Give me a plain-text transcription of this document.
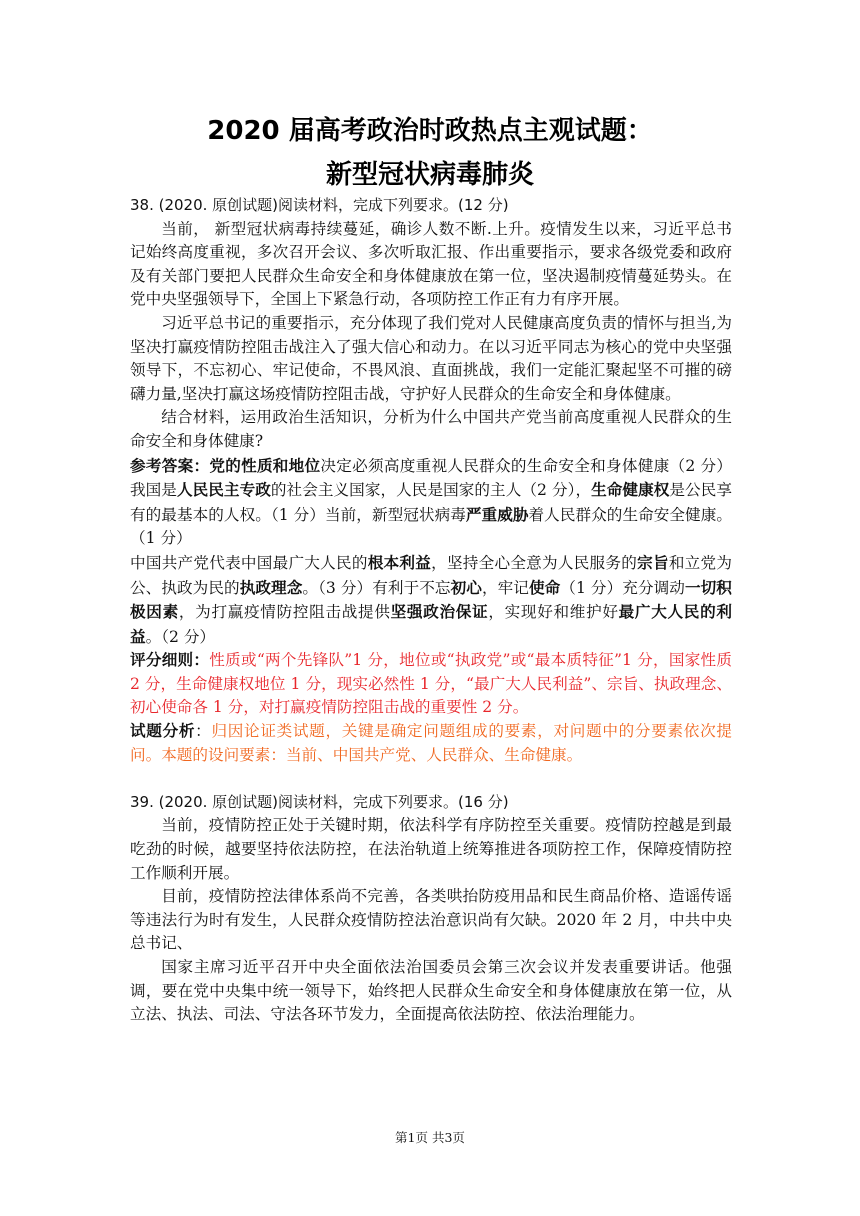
2020 届高考政治时政热点主观试题：
新型冠状病毒肺炎

38. (2020. 原创试题)阅读材料，完成下列要求。(12 分)

当前， 新型冠状病毒持续蔓延，确诊人数不断.上升。疫情发生以来，习近平总书记始终高度重视，多次召开会议、多次听取汇报、作出重要指示，要求各级党委和政府及有关部门要把人民群众生命安全和身体健康放在第一位，坚决遏制疫情蔓延势头。在党中央坚强领导下，全国上下紧急行动，各项防控工作正有力有序开展。

习近平总书记的重要指示，充分体现了我们党对人民健康高度负责的情怀与担当,为坚决打赢疫情防控阻击战注入了强大信心和动力。在以习近平同志为核心的党中央坚强领导下，不忘初心、牢记使命，不畏风浪、直面挑战，我们一定能汇聚起坚不可摧的磅礴力量,坚决打赢这场疫情防控阻击战，守护好人民群众的生命安全和身体健康。

结合材料，运用政治生活知识，分析为什么中国共产党当前高度重视人民群众的生命安全和身体健康?

参考答案：党的性质和地位决定必须高度重视人民群众的生命安全和身体健康（2 分）我国是人民民主专政的社会主义国家，人民是国家的主人（2 分），生命健康权是公民享有的最基本的人权。（1 分）当前，新型冠状病毒严重威胁着人民群众的生命安全健康。（1 分）

中国共产党代表中国最广大人民的根本利益，坚持全心全意为人民服务的宗旨和立党为公、执政为民的执政理念。（3 分）有利于不忘初心，牢记使命（1 分）充分调动一切积极因素，为打赢疫情防控阻击战提供坚强政治保证，实现好和维护好最广大人民的利益。（2 分）

评分细则：性质或“两个先锋队”1 分，地位或“执政党”或“最本质特征”1 分，国家性质 2 分，生命健康权地位 1 分，现实必然性 1 分，“最广大人民利益”、宗旨、执政理念、初心使命各 1 分，对打赢疫情防控阻击战的重要性 2 分。

试题分析：归因论证类试题，关键是确定问题组成的要素，对问题中的分要素依次提问。本题的设问要素：当前、中国共产党、人民群众、生命健康。

39. (2020. 原创试题)阅读材料，完成下列要求。(16 分)

当前，疫情防控正处于关键时期，依法科学有序防控至关重要。疫情防控越是到最吃劲的时候，越要坚持依法防控，在法治轨道上统筹推进各项防控工作，保障疫情防控工作顺利开展。

目前，疫情防控法律体系尚不完善，各类哄抬防疫用品和民生商品价格、造谣传谣等违法行为时有发生，人民群众疫情防控法治意识尚有欠缺。2020 年 2 月，中共中央总书记、

国家主席习近平召开中央全面依法治国委员会第三次会议并发表重要讲话。他强调，要在党中央集中统一领导下，始终把人民群众生命安全和身体健康放在第一位，从立法、执法、司法、守法各环节发力，全面提高依法防控、依法治理能力。

第1页 共3页
